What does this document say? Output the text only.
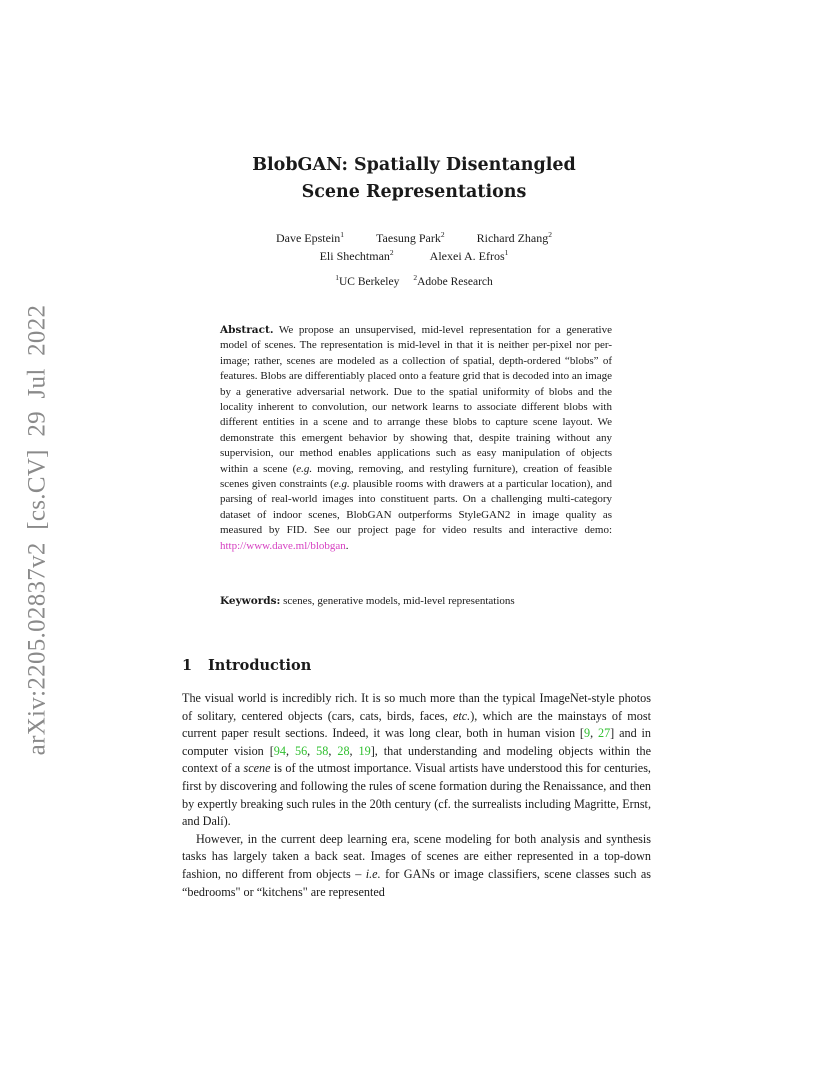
arXiv:2205.02837v2 [cs.CV] 29 Jul 2022
BlobGAN: Spatially Disentangled
Scene Representations
Dave Epstein$^1$	Taesung Park$^2$	Richard Zhang$^2$
Eli Shechtman$^2$	Alexei A. Efros$^1$
$^1$UC Berkeley $^2$Adobe Research
Abstract. We propose an unsupervised, mid-level representation for a generative model of scenes. The representation is mid-level in that it is neither per-pixel nor per-image; rather, scenes are modeled as a collection of spatial, depth-ordered “blobs” of features. Blobs are differentiably placed onto a feature grid that is decoded into an image by a generative adversarial network. Due to the spatial uniformity of blobs and the locality inherent to convolution, our network learns to associate different blobs with different entities in a scene and to arrange these blobs to capture scene layout. We demonstrate this emergent behavior by showing that, despite training without any supervision, our method enables applications such as easy manipulation of objects within a scene (e.g. moving, removing, and restyling furniture), creation of feasible scenes given constraints (e.g. plausible rooms with drawers at a particular location), and parsing of real-world images into constituent parts. On a challenging multi-category dataset of indoor scenes, BlobGAN outperforms StyleGAN2 in image quality as measured by FID. See our project page for video results and interactive demo: http://www.dave.ml/blobgan.
Keywords: scenes, generative models, mid-level representations
1 Introduction

The visual world is incredibly rich. It is so much more than the typical ImageNet-style photos of solitary, centered objects (cars, cats, birds, faces, etc.), which are the mainstays of most current paper result sections. Indeed, it was long clear, both in human vision [9, 27] and in computer vision [94, 56, 58, 28, 19], that understanding and modeling objects within the context of a scene is of the utmost importance. Visual artists have understood this for centuries, first by discovering and following the rules of scene formation during the Renaissance, and then by expertly breaking such rules in the 20th century (cf. the surrealists including Magritte, Ernst, and Dalí).

However, in the current deep learning era, scene modeling for both analysis and synthesis tasks has largely taken a back seat. Images of scenes are either represented in a top-down fashion, no different from objects – i.e. for GANs or image classifiers, scene classes such as “bedrooms" or “kitchens" are represented
